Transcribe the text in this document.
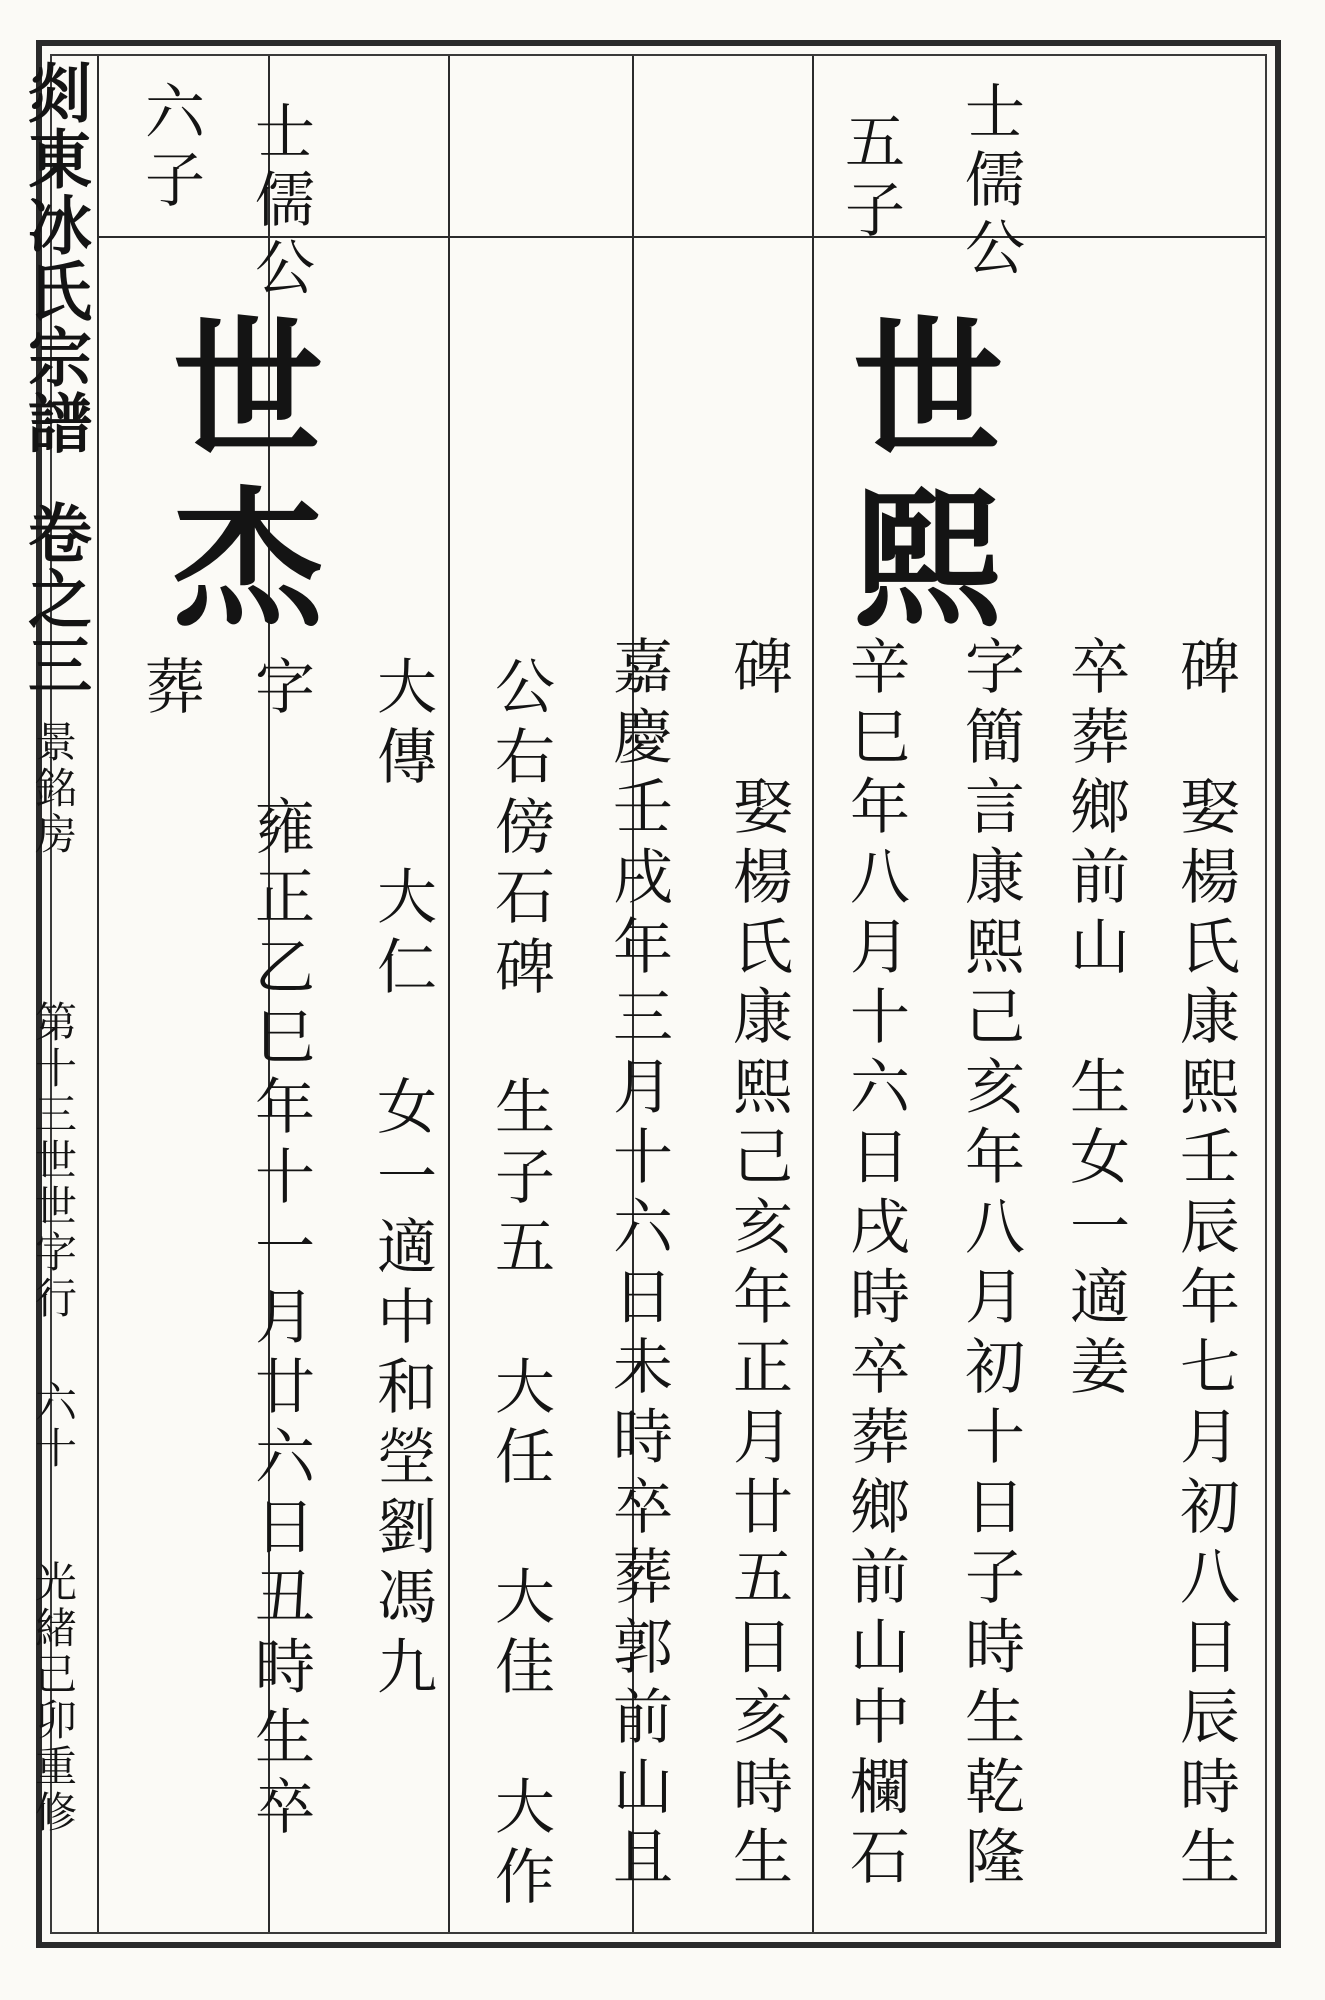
剡東冰氏宗譜
卷之三
景銘房
第十三世世字行
六十
光緒己卯重修
士儒公
五子
士儒公
六子
世熙
世杰
碑　娶楊氏康熙壬辰年七月初八日辰時生
卒葬鄉前山　生女一適姜
字簡言康熙己亥年八月初十日子時生乾隆
辛巳年八月十六日戌時卒葬鄉前山中欄石
碑　娶楊氏康熙己亥年正月廿五日亥時生
嘉慶壬戌年三月十六日未時卒葬郭前山且
公右傍石碑　生子五　大任　大佳　大作
大傳　大仁　女一適中和塋劉馮九
字　雍正乙巳年十一月廿六日丑時生卒
葬
